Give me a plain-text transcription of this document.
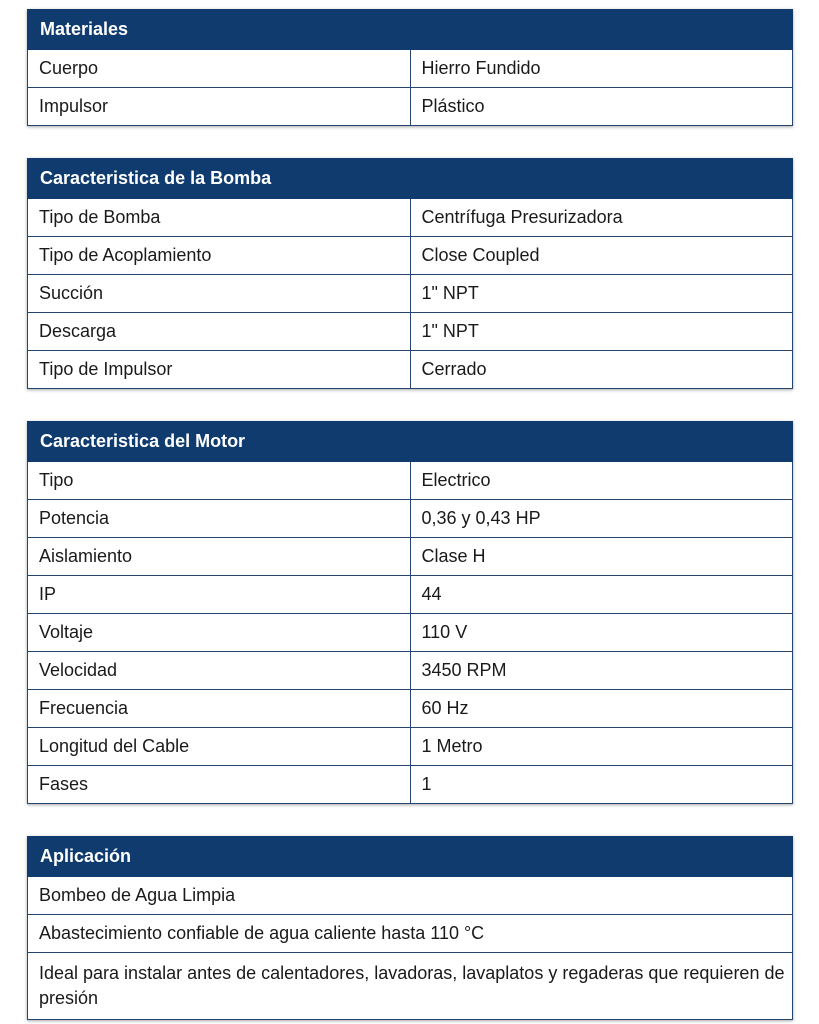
Materiales	
Cuerpo	Hierro Fundido
Impulsor	Plástico
Caracteristica de la Bomba	
Tipo de Bomba	Centrífuga Presurizadora
Tipo de Acoplamiento	Close Coupled
Succión	1" NPT
Descarga	1" NPT
Tipo de Impulsor	Cerrado
Caracteristica del Motor	
Tipo	Electrico
Potencia	0,36 y 0,43 HP
Aislamiento	Clase H
IP	44
Voltaje	110 V
Velocidad	3450 RPM
Frecuencia	60 Hz
Longitud del Cable	1 Metro
Fases	1
Aplicación
Bombeo de Agua Limpia
Abastecimiento confiable de agua caliente hasta 110 °C
Ideal para instalar antes de calentadores, lavadoras, lavaplatos y regaderas que requieren de presión
